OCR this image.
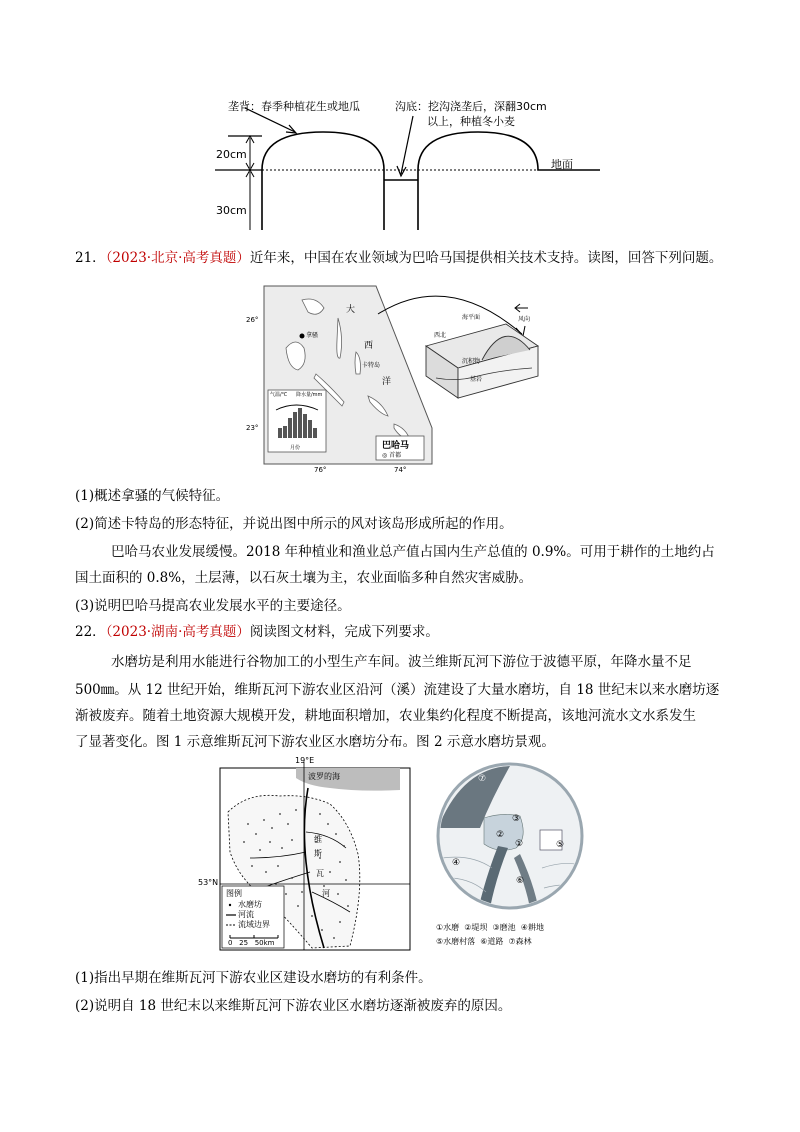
垄背：春季种植花生或地瓜	沟底：挖沟浇垄后，深翻30cm
以上，种植冬小麦
地面
20cm
30cm
21．（2023·北京·高考真题）近年来，中国在农业领域为巴哈马国提供相关技术支持。读图，回答下列问题。
26°
23°
76°	74°
大
西
洋
拿骚
卡特岛
气温/℃ 降水量/mm
月份	巴哈马
◎ 首都
西北
海平面	风向
沉积物
基岩
(1)概述拿骚的气候特征。
(2)简述卡特岛的形态特征，并说出图中所示的风对该岛形成所起的作用。
巴哈马农业发展缓慢。2018 年种植业和渔业总产值占国内生产总值的 0.9%。可用于耕作的土地约占
国土面积的 0.8%，土层薄，以石灰土壤为主，农业面临多种自然灾害威胁。
(3)说明巴哈马提高农业发展水平的主要途径。
22．（2023·湖南·高考真题）阅读图文材料，完成下列要求。
水磨坊是利用水能进行谷物加工的小型生产车间。波兰维斯瓦河下游位于波德平原，年降水量不足
500㎜。从 12 世纪开始，维斯瓦河下游农业区沿河（溪）流建设了大量水磨坊，自 18 世纪末以来水磨坊逐
渐被废弃。随着土地资源大规模开发，耕地面积增加，农业集约化程度不断提高，该地河流水文水系发生
了显著变化。图 1 示意维斯瓦河下游农业区水磨坊分布。图 2 示意水磨坊景观。
19°E
53°N
波罗的海
维
斯
瓦
河
图例
水磨坊
河流
流域边界
0   25   50km
①
②
③
④
⑤
⑥
⑦
①水磨  ②堤坝  ③磨池  ④耕地
⑤水磨村落  ⑥道路  ⑦森林
(1)指出早期在维斯瓦河下游农业区建设水磨坊的有利条件。
(2)说明自 18 世纪末以来维斯瓦河下游农业区水磨坊逐渐被废弃的原因。
